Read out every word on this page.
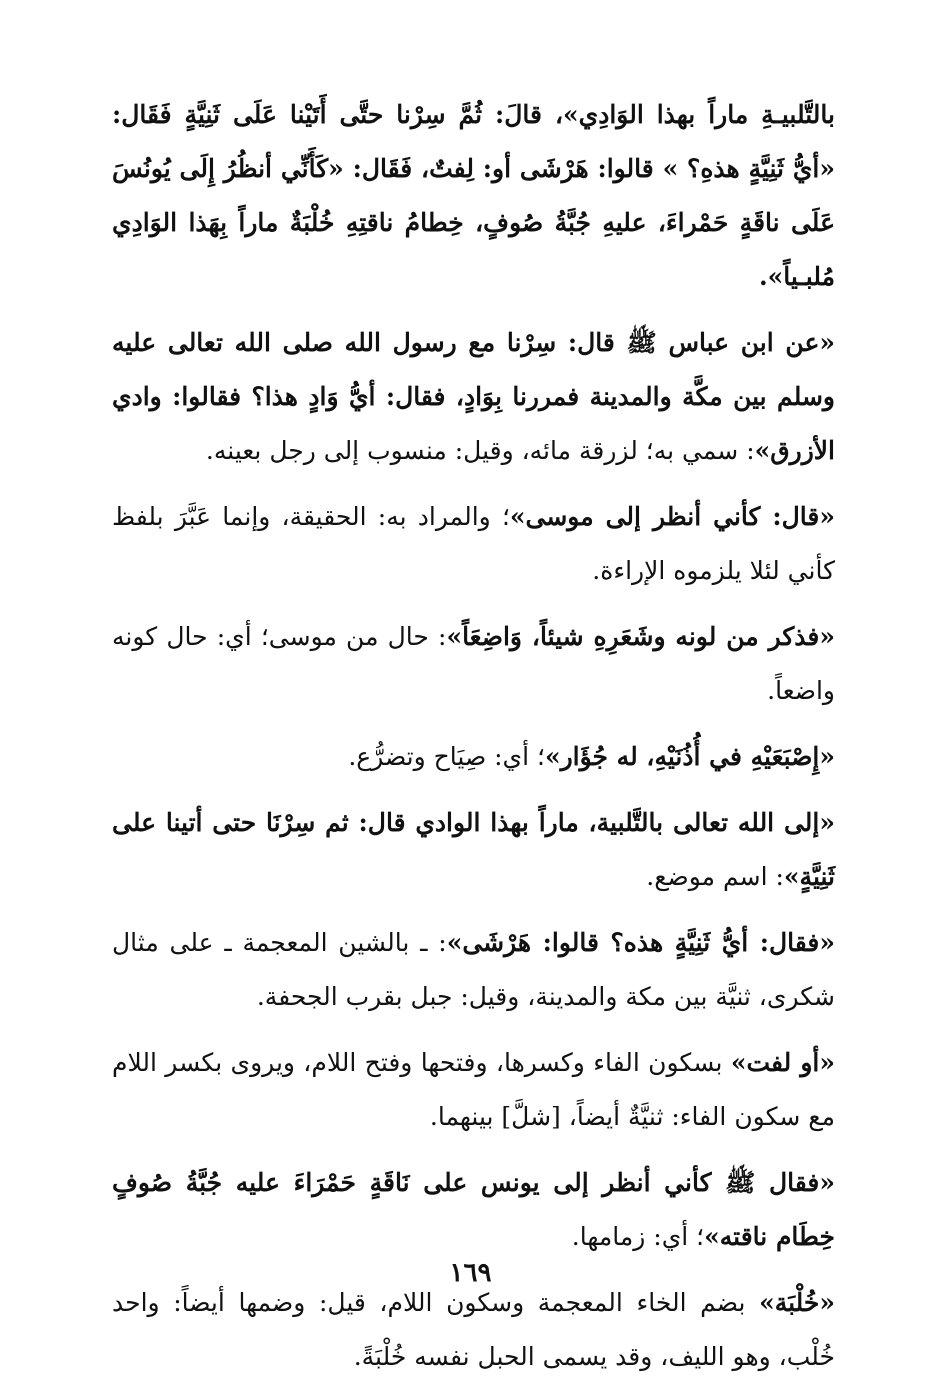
بالتَّلبيـةِ ماراً بهذا الوَادِي»، قالَ: ثُمَّ سِرْنا حتَّى أَتَيْنا عَلَى ثَنِيَّةٍ فَقَال: «أيُّ ثَنِيَّةٍ هذهِ؟ » قالوا: هَرْشَى أو: لِفتٌ، فَقَال: «كَأَنِّي أنظُرُ إِلَى يُونُسَ عَلَى ناقَةٍ حَمْراءَ، عليهِ جُبَّةُ صُوفٍ، خِطامُ ناقتِهِ خُلْبَةٌ ماراً بِهَذا الوَادِي مُلبـياً».

«عن ابن عباس ﷺ قال: سِرْنا مع رسول الله صلى الله تعالى عليه وسلم بين مكَّة والمدينة فمررنا بِوَادٍ، فقال: أيُّ وَادٍ هذا؟ فقالوا: وادي الأزرق»: سمي به؛ لزرقة مائه، وقيل: منسوب إلى رجل بعينه.

«قال: كأني أنظر إلى موسى»؛ والمراد به: الحقيقة، وإنما عَبَّرَ بلفظ كأني لئلا يلزموه الإراءة.

«فذكر من لونه وشَعَرِهِ شيئاً، وَاضِعَاً»: حال من موسى؛ أي: حال كونه واضعاً.

«إِصْبَعَيْهِ في أُذُنَيْهِ، له جُؤَار»؛ أي: صِيَاح وتضرُّع.

«إلى الله تعالى بالتَّلبية، ماراً بهذا الوادي قال: ثم سِرْنَا حتى أتينا على ثَنِيَّةٍ»: اسم موضع.

«فقال: أيُّ ثَنِيَّةٍ هذه؟ قالوا: هَرْشَى»: ـ بالشين المعجمة ـ على مثال شكرى، ثنيَّة بين مكة والمدينة، وقيل: جبل بقرب الجحفة.

«أو لفت» بسكون الفاء وكسرها، وفتحها وفتح اللام، ويروى بكسر اللام مع سكون الفاء: ثنيَّةٌ أيضاً، [شلَّ] بينهما.

«فقال ﷺ كأني أنظر إلى يونس على نَاقَةٍ حَمْرَاءَ عليه جُبَّةُ صُوفٍ خِطَام ناقته»؛ أي: زمامها.

«خُلْبَة» بضم الخاء المعجمة وسكون اللام، قيل: وضمها أيضاً: واحد خُلْب، وهو الليف، وقد يسمى الحبل نفسه خُلْبَةً.

١٦٩
